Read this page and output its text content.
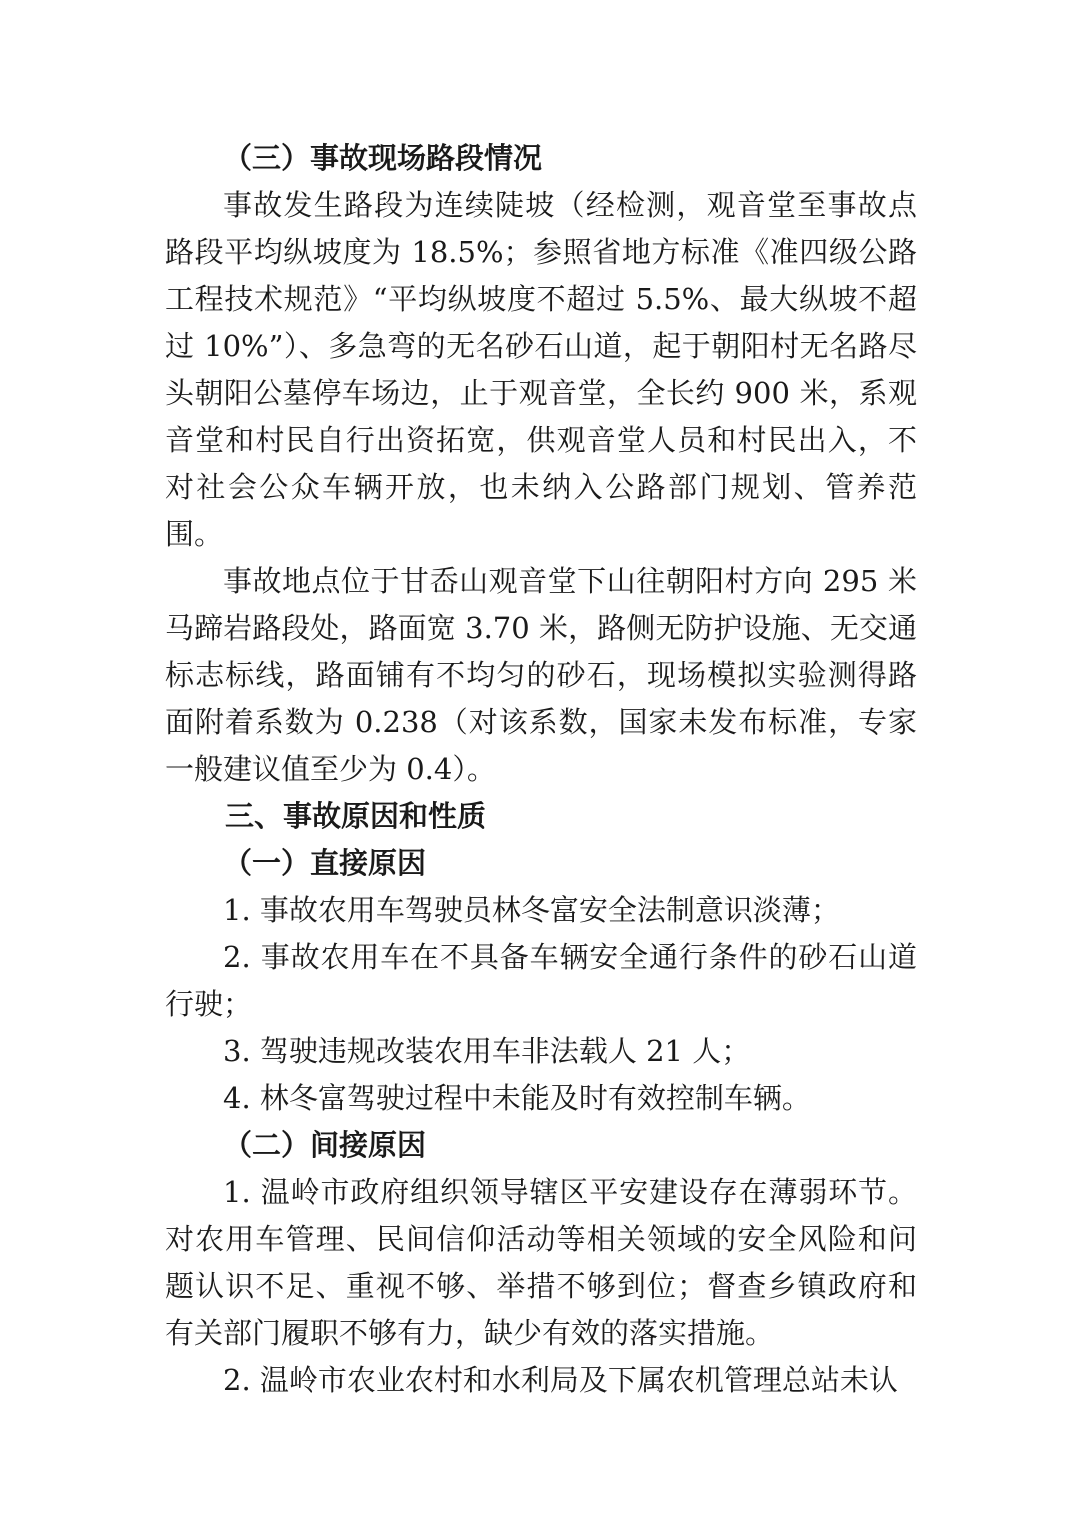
（三）事故现场路段情况

事故发生路段为连续陡坡（经检测，观音堂至事故点路段平均纵坡度为 18.5%；参照省地方标准《准四级公路工程技术规范》“平均纵坡度不超过 5.5%、最大纵坡不超过 10%”）、多急弯的无名砂石山道，起于朝阳村无名路尽头朝阳公墓停车场边，止于观音堂，全长约 900 米，系观音堂和村民自行出资拓宽，供观音堂人员和村民出入，不对社会公众车辆开放，也未纳入公路部门规划、管养范围。

事故地点位于甘岙山观音堂下山往朝阳村方向 295 米马蹄岩路段处，路面宽 3.70 米，路侧无防护设施、无交通标志标线，路面铺有不均匀的砂石，现场模拟实验测得路面附着系数为 0.238（对该系数，国家未发布标准，专家一般建议值至少为 0.4）。

三、事故原因和性质

（一）直接原因

1. 事故农用车驾驶员林冬富安全法制意识淡薄；

2. 事故农用车在不具备车辆安全通行条件的砂石山道行驶；

3. 驾驶违规改装农用车非法载人 21 人；

4. 林冬富驾驶过程中未能及时有效控制车辆。

（二）间接原因

1. 温岭市政府组织领导辖区平安建设存在薄弱环节。对农用车管理、民间信仰活动等相关领域的安全风险和问题认识不足、重视不够、举措不够到位；督查乡镇政府和有关部门履职不够有力，缺少有效的落实措施。

2. 温岭市农业农村和水利局及下属农机管理总站未认
